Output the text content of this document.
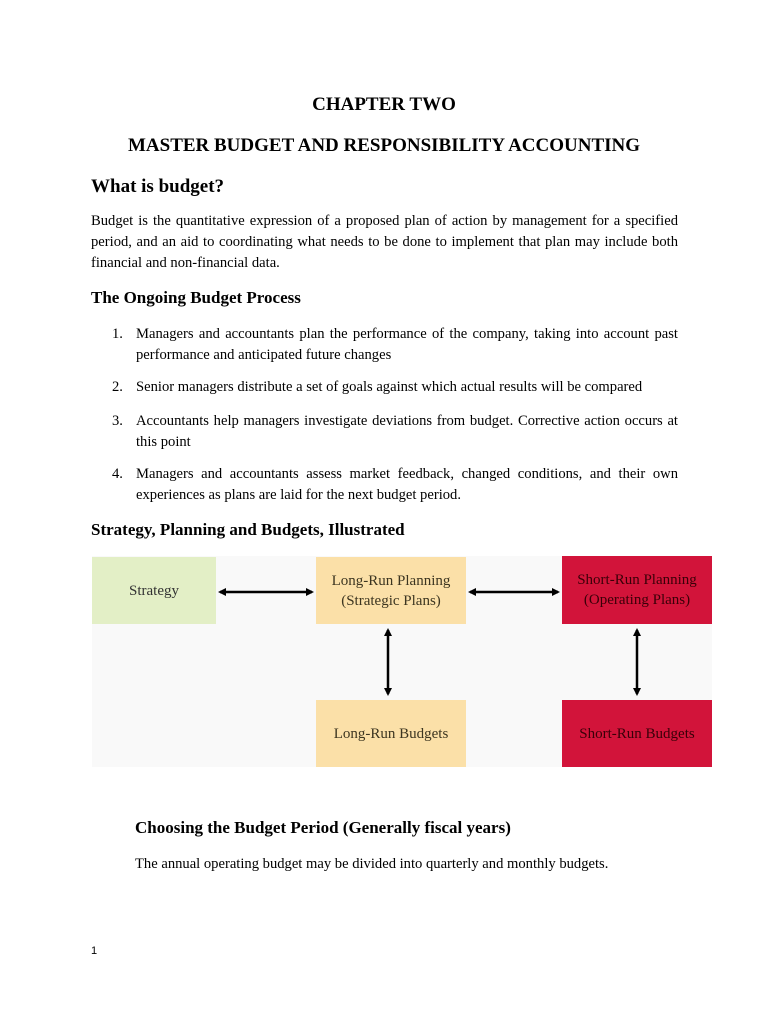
CHAPTER TWO
MASTER BUDGET AND RESPONSIBILITY ACCOUNTING
What is budget?
Budget is the quantitative expression of a proposed plan of action by management for a specified period, and an aid to coordinating what needs to be done to implement that plan may include both financial and non-financial data.
The Ongoing Budget Process
1. Managers and accountants plan the performance of the company, taking into account past performance and anticipated future changes
2. Senior managers distribute a set of goals against which actual results will be compared
3. Accountants help managers investigate deviations from budget. Corrective action occurs at this point
4. Managers and accountants assess market feedback, changed conditions, and their own experiences as plans are laid for the next budget period.
Strategy, Planning and Budgets, Illustrated
Strategy
Long-Run Planning
(Strategic Plans)
Short-Run Planning
(Operating Plans)
Long-Run Budgets	Short-Run Budgets
Choosing the Budget Period (Generally fiscal years)
The annual operating budget may be divided into quarterly and monthly budgets.
1
